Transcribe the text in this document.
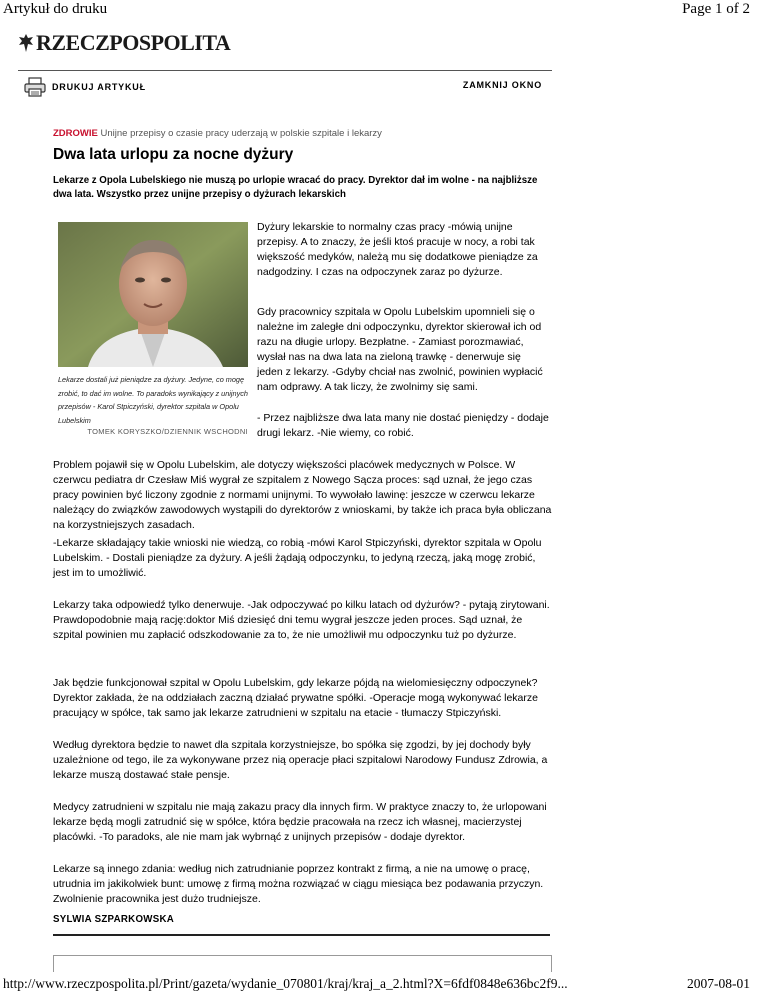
Artykuł do druku	Page 1 of 2
RZECZPOSPOLITA
DRUKUJ ARTYKUŁ	ZAMKNIJ OKNO
ZDROWIE Unijne przepisy o czasie pracy uderzają w polskie szpitale i lekarzy
Dwa lata urlopu za nocne dyżury
Lekarze z Opola Lubelskiego nie muszą po urlopie wracać do pracy. Dyrektor dał im wolne - na najbliższe dwa lata. Wszystko przez unijne przepisy o dyżurach lekarskich
Lekarze dostali już pieniądze za dyżury. Jedyne, co mogę zrobić, to dać im wolne. To paradoks wynikający z unijnych przepisów - Karol Stpiczyński, dyrektor szpitala w Opolu Lubelskim
TOMEK KORYSZKO/DZIENNIK WSCHODNI

Dyżury lekarskie to normalny czas pracy -mówią unijne przepisy. A to znaczy, że jeśli ktoś pracuje w nocy, a robi tak większość medyków, należą mu się dodatkowe pieniądze za nadgodziny. I czas na odpoczynek zaraz po dyżurze.

Gdy pracownicy szpitala w Opolu Lubelskim upomnieli się o należne im zaległe dni odpoczynku, dyrektor skierował ich od razu na długie urlopy. Bezpłatne. - Zamiast porozmawiać, wysłał nas na dwa lata na zieloną trawkę - denerwuje się jeden z lekarzy. -Gdyby chciał nas zwolnić, powinien wypłacić nam odprawy. A tak liczy, że zwolnimy się sami.

- Przez najbliższe dwa lata many nie dostać pieniędzy - dodaje drugi lekarz. -Nie wiemy, co robić.

Problem pojawił się w Opolu Lubelskim, ale dotyczy większości placówek medycznych w Polsce. W czerwcu pediatra dr Czesław Miś wygrał ze szpitalem z Nowego Sącza proces: sąd uznał, że jego czas pracy powinien być liczony zgodnie z normami unijnymi. To wywołało lawinę: jeszcze w czerwcu lekarze należący do związków zawodowych wystąpili do dyrektorów z wnioskami, by także ich praca była obliczana na korzystniejszych zasadach.

-Lekarze składający takie wnioski nie wiedzą, co robią -mówi Karol Stpiczyński, dyrektor szpitala w Opolu Lubelskim. - Dostali pieniądze za dyżury. A jeśli żądają odpoczynku, to jedyną rzeczą, jaką mogę zrobić, jest im to umożliwić.

Lekarzy taka odpowiedź tylko denerwuje. -Jak odpoczywać po kilku latach od dyżurów? - pytają zirytowani. Prawdopodobnie mają rację:doktor Miś dziesięć dni temu wygrał jeszcze jeden proces. Sąd uznał, że szpital powinien mu zapłacić odszkodowanie za to, że nie umożliwił mu odpoczynku tuż po dyżurze.

Jak będzie funkcjonował szpital w Opolu Lubelskim, gdy lekarze pójdą na wielomiesięczny odpoczynek? Dyrektor zakłada, że na oddziałach zaczną działać prywatne spółki. -Operacje mogą wykonywać lekarze pracujący w spółce, tak samo jak lekarze zatrudnieni w szpitalu na etacie - tłumaczy Stpiczyński.

Według dyrektora będzie to nawet dla szpitala korzystniejsze, bo spółka się zgodzi, by jej dochody były uzależnione od tego, ile za wykonywane przez nią operacje płaci szpitalowi Narodowy Fundusz Zdrowia, a lekarze muszą dostawać stałe pensje.

Medycy zatrudnieni w szpitalu nie mają zakazu pracy dla innych firm. W praktyce znaczy to, że urlopowani lekarze będą mogli zatrudnić się w spółce, która będzie pracowała na rzecz ich własnej, macierzystej placówki. -To paradoks, ale nie mam jak wybrnąć z unijnych przepisów - dodaje dyrektor.

Lekarze są innego zdania: według nich zatrudnianie poprzez kontrakt z firmą, a nie na umowę o pracę, utrudnia im jakikolwiek bunt: umowę z firmą można rozwiązać w ciągu miesiąca bez podawania przyczyn. Zwolnienie pracownika jest dużo trudniejsze.

SYLWIA SZPARKOWSKA
http://www.rzeczpospolita.pl/Print/gazeta/wydanie_070801/kraj/kraj_a_2.html?X=6fdf0848e636bc2f9...	2007-08-01
